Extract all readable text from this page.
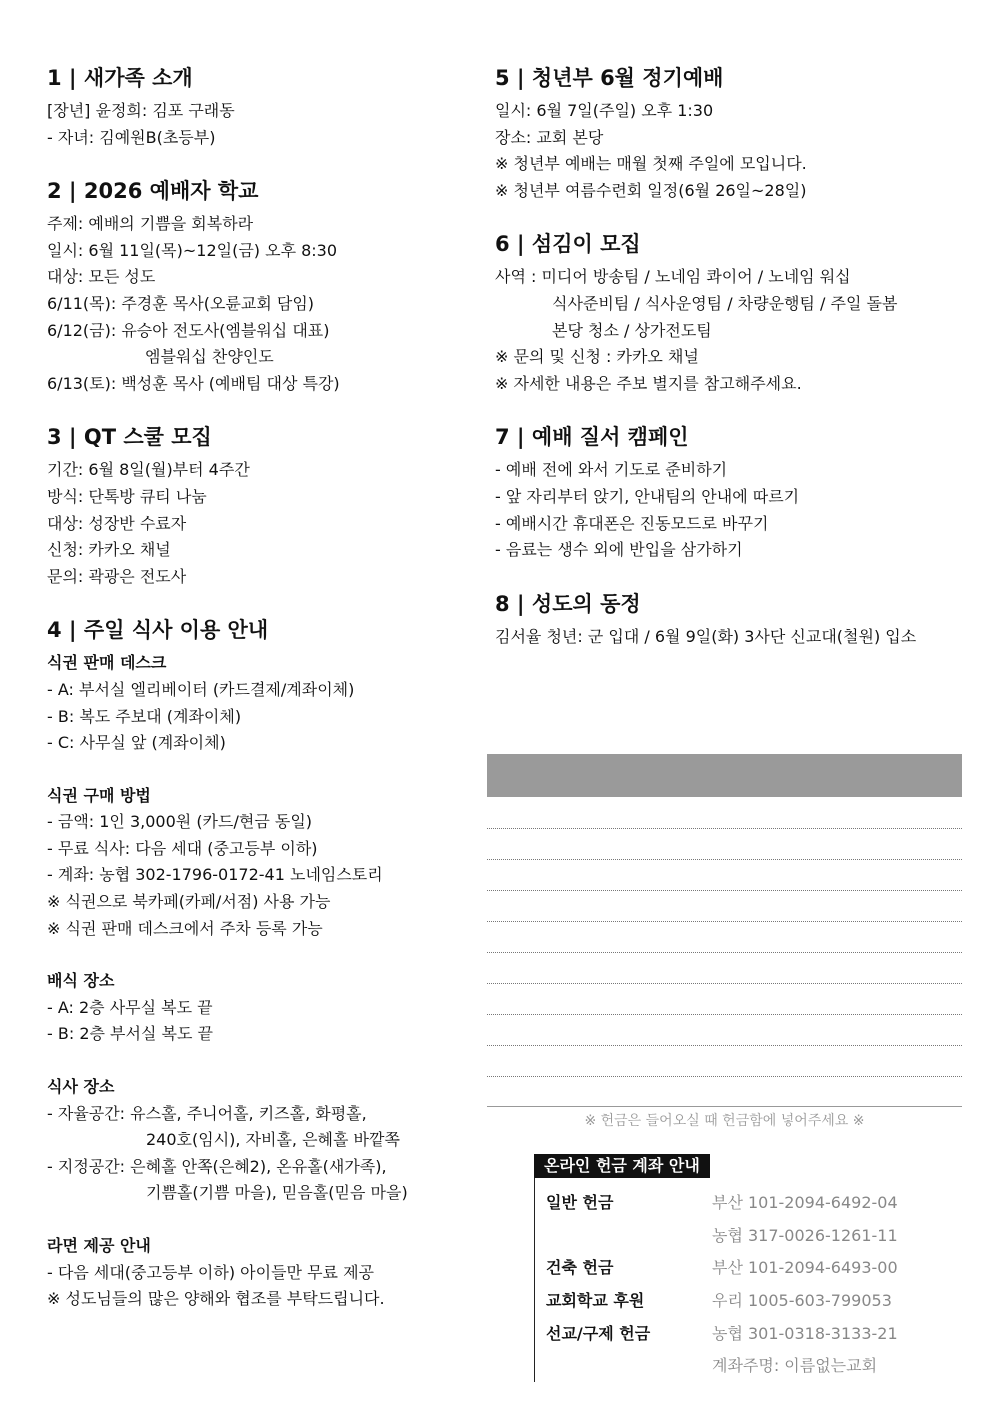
1 | 새가족 소개
[장년] 윤정희: 김포 구래동
- 자녀: 김예원B(초등부)
2 | 2026 예배자 학교
주제: 예배의 기쁨을 회복하라
일시: 6월 11일(목)~12일(금) 오후 8:30
대상: 모든 성도
6/11(목): 주경훈 목사(오륜교회 담임)
6/12(금): 유승아 전도사(엠블워십 대표)
엠블워십 찬양인도
6/13(토): 백성훈 목사 (예배팀 대상 특강)
3 | QT 스쿨 모집
기간: 6월 8일(월)부터 4주간
방식: 단톡방 큐티 나눔
대상: 성장반 수료자
신청: 카카오 채널
문의: 곽광은 전도사
4 | 주일 식사 이용 안내
식권 판매 데스크
- A: 부서실 엘리베이터 (카드결제/계좌이체)
- B: 복도 주보대 (계좌이체)
- C: 사무실 앞 (계좌이체)
식권 구매 방법
- 금액: 1인 3,000원 (카드/현금 동일)
- 무료 식사: 다음 세대 (중고등부 이하)
- 계좌: 농협 302-1796-0172-41 노네임스토리
※ 식권으로 북카페(카페/서점) 사용 가능
※ 식권 판매 데스크에서 주차 등록 가능
배식 장소
- A: 2층 사무실 복도 끝
- B: 2층 부서실 복도 끝
식사 장소
- 자율공간: 유스홀, 주니어홀, 키즈홀, 화평홀,
240호(임시), 자비홀, 은혜홀 바깥쪽
- 지정공간: 은혜홀 안쪽(은혜2), 온유홀(새가족),
기쁨홀(기쁨 마을), 믿음홀(믿음 마을)
라면 제공 안내
- 다음 세대(중고등부 이하) 아이들만 무료 제공
※ 성도님들의 많은 양해와 협조를 부탁드립니다.
5 | 청년부 6월 정기예배
일시: 6월 7일(주일) 오후 1:30
장소: 교회 본당
※ 청년부 예배는 매월 첫째 주일에 모입니다.
※ 청년부 여름수련회 일정(6월 26일~28일)
6 | 섬김이 모집
사역 : 미디어 방송팀 / 노네임 콰이어 / 노네임 워십
식사준비팀 / 식사운영팀 / 차량운행팀 / 주일 돌봄
본당 청소 / 상가전도팀
※ 문의 및 신청 : 카카오 채널
※ 자세한 내용은 주보 별지를 참고해주세요.
7 | 예배 질서 캠페인
- 예배 전에 와서 기도로 준비하기
- 앞 자리부터 앉기, 안내팀의 안내에 따르기
- 예배시간 휴대폰은 진동모드로 바꾸기
- 음료는 생수 외에 반입을 삼가하기
8 | 성도의 동정
김서율 청년: 군 입대 / 6월 9일(화) 3사단 신교대(철원) 입소
※ 헌금은 들어오실 때 헌금함에 넣어주세요 ※
온라인 헌금 계좌 안내
일반 헌금	부산 101-2094-6492-04
농협 317-0026-1261-11
건축 헌금	부산 101-2094-6493-00
교회학교 후원	우리 1005-603-799053
선교/구제 헌금	농협 301-0318-3133-21
계좌주명: 이름없는교회
